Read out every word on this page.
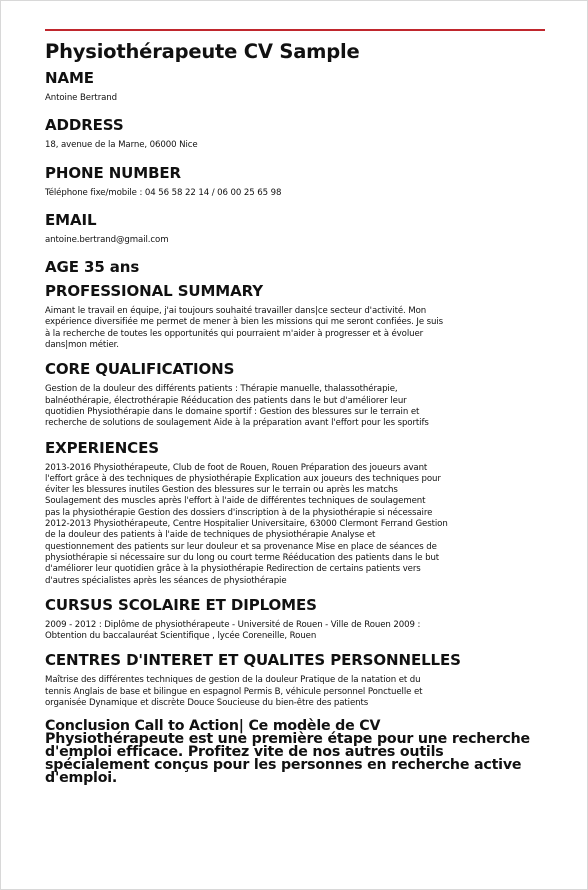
Physiothérapeute CV Sample
NAME

Antoine Bertrand

ADDRESS

18, avenue de la Marne, 06000 Nice

PHONE NUMBER

Téléphone fixe/mobile : 04 56 58 22 14 / 06 00 25 65 98

EMAIL

antoine.bertrand@gmail.com

AGE 35 ans
PROFESSIONAL SUMMARY

Aimant le travail en équipe, j'ai toujours souhaité travailler dans|ce secteur d'activité. Mon
expérience diversifiée me permet de mener à bien les missions qui me seront confiées. Je suis
à la recherche de toutes les opportunités qui pourraient m'aider à progresser et à évoluer
dans|mon métier.

CORE QUALIFICATIONS

Gestion de la douleur des différents patients : Thérapie manuelle, thalassothérapie,
balnéothérapie, électrothérapie Rééducation des patients dans le but d'améliorer leur
quotidien Physiothérapie dans le domaine sportif : Gestion des blessures sur le terrain et
recherche de solutions de soulagement Aide à la préparation avant l'effort pour les sportifs

EXPERIENCES

2013-2016 Physiothérapeute, Club de foot de Rouen, Rouen Préparation des joueurs avant
l'effort grâce à des techniques de physiothérapie Explication aux joueurs des techniques pour
éviter les blessures inutiles Gestion des blessures sur le terrain ou après les matchs
Soulagement des muscles après l'effort à l'aide de différentes techniques de soulagement
pas la physiothérapie Gestion des dossiers d'inscription à de la physiothérapie si nécessaire
2012-2013 Physiothérapeute, Centre Hospitalier Universitaire, 63000 Clermont Ferrand Gestion
de la douleur des patients à l'aide de techniques de physiothérapie Analyse et
questionnement des patients sur leur douleur et sa provenance Mise en place de séances de
physiothérapie si nécessaire sur du long ou court terme Rééducation des patients dans le but
d'améliorer leur quotidien grâce à la physiothérapie Redirection de certains patients vers
d'autres spécialistes après les séances de physiothérapie

CURSUS SCOLAIRE ET DIPLOMES

2009 - 2012 : Diplôme de physiothérapeute - Université de Rouen - Ville de Rouen 2009 :
Obtention du baccalauréat Scientifique , lycée Coreneille, Rouen

CENTRES D'INTERET ET QUALITES PERSONNELLES

Maîtrise des différentes techniques de gestion de la douleur Pratique de la natation et du
tennis Anglais de base et bilingue en espagnol Permis B, véhicule personnel Ponctuelle et
organisée Dynamique et discrète Douce Soucieuse du bien-être des patients

Conclusion Call to Action| Ce modèle de CV
Physiothérapeute est une première étape pour une recherche
d'emploi efficace. Profitez vite de nos autres outils
spécialement conçus pour les personnes en recherche active
d'emploi.
